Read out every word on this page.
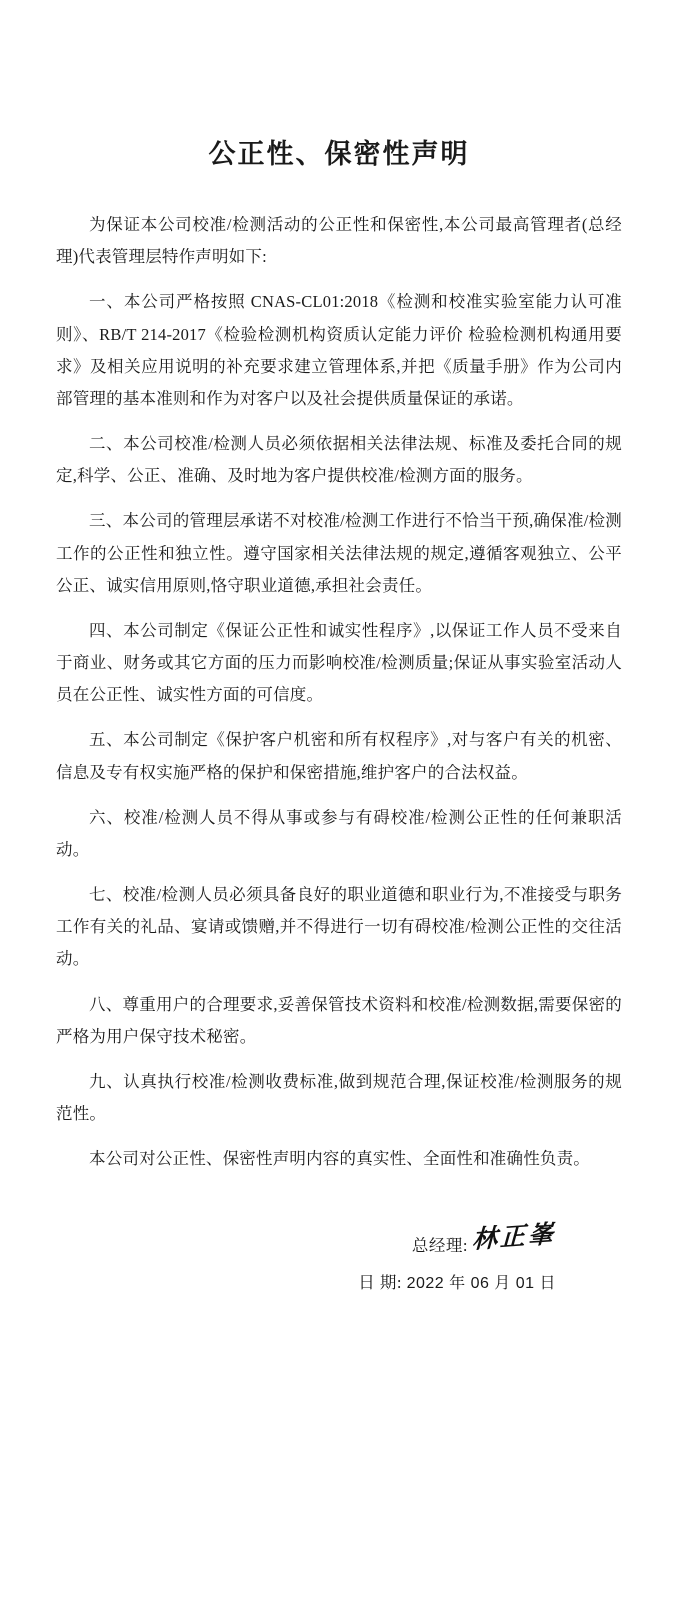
公正性、保密性声明

为保证本公司校准/检测活动的公正性和保密性,本公司最高管理者(总经理)代表管理层特作声明如下:

一、本公司严格按照 CNAS-CL01:2018《检测和校准实验室能力认可准则》、RB/T 214-2017《检验检测机构资质认定能力评价 检验检测机构通用要求》及相关应用说明的补充要求建立管理体系,并把《质量手册》作为公司内部管理的基本准则和作为对客户以及社会提供质量保证的承诺。

二、本公司校准/检测人员必须依据相关法律法规、标准及委托合同的规定,科学、公正、准确、及时地为客户提供校准/检测方面的服务。

三、本公司的管理层承诺不对校准/检测工作进行不恰当干预,确保准/检测工作的公正性和独立性。遵守国家相关法律法规的规定,遵循客观独立、公平公正、诚实信用原则,恪守职业道德,承担社会责任。

四、本公司制定《保证公正性和诚实性程序》,以保证工作人员不受来自于商业、财务或其它方面的压力而影响校准/检测质量;保证从事实验室活动人员在公正性、诚实性方面的可信度。

五、本公司制定《保护客户机密和所有权程序》,对与客户有关的机密、信息及专有权实施严格的保护和保密措施,维护客户的合法权益。

六、校准/检测人员不得从事或参与有碍校准/检测公正性的任何兼职活动。

七、校准/检测人员必须具备良好的职业道德和职业行为,不准接受与职务工作有关的礼品、宴请或馈赠,并不得进行一切有碍校准/检测公正性的交往活动。

八、尊重用户的合理要求,妥善保管技术资料和校准/检测数据,需要保密的严格为用户保守技术秘密。

九、认真执行校准/检测收费标准,做到规范合理,保证校准/检测服务的规范性。

本公司对公正性、保密性声明内容的真实性、全面性和准确性负责。

总经理: 林正峯
日 期: 2022 年 06 月 01 日
